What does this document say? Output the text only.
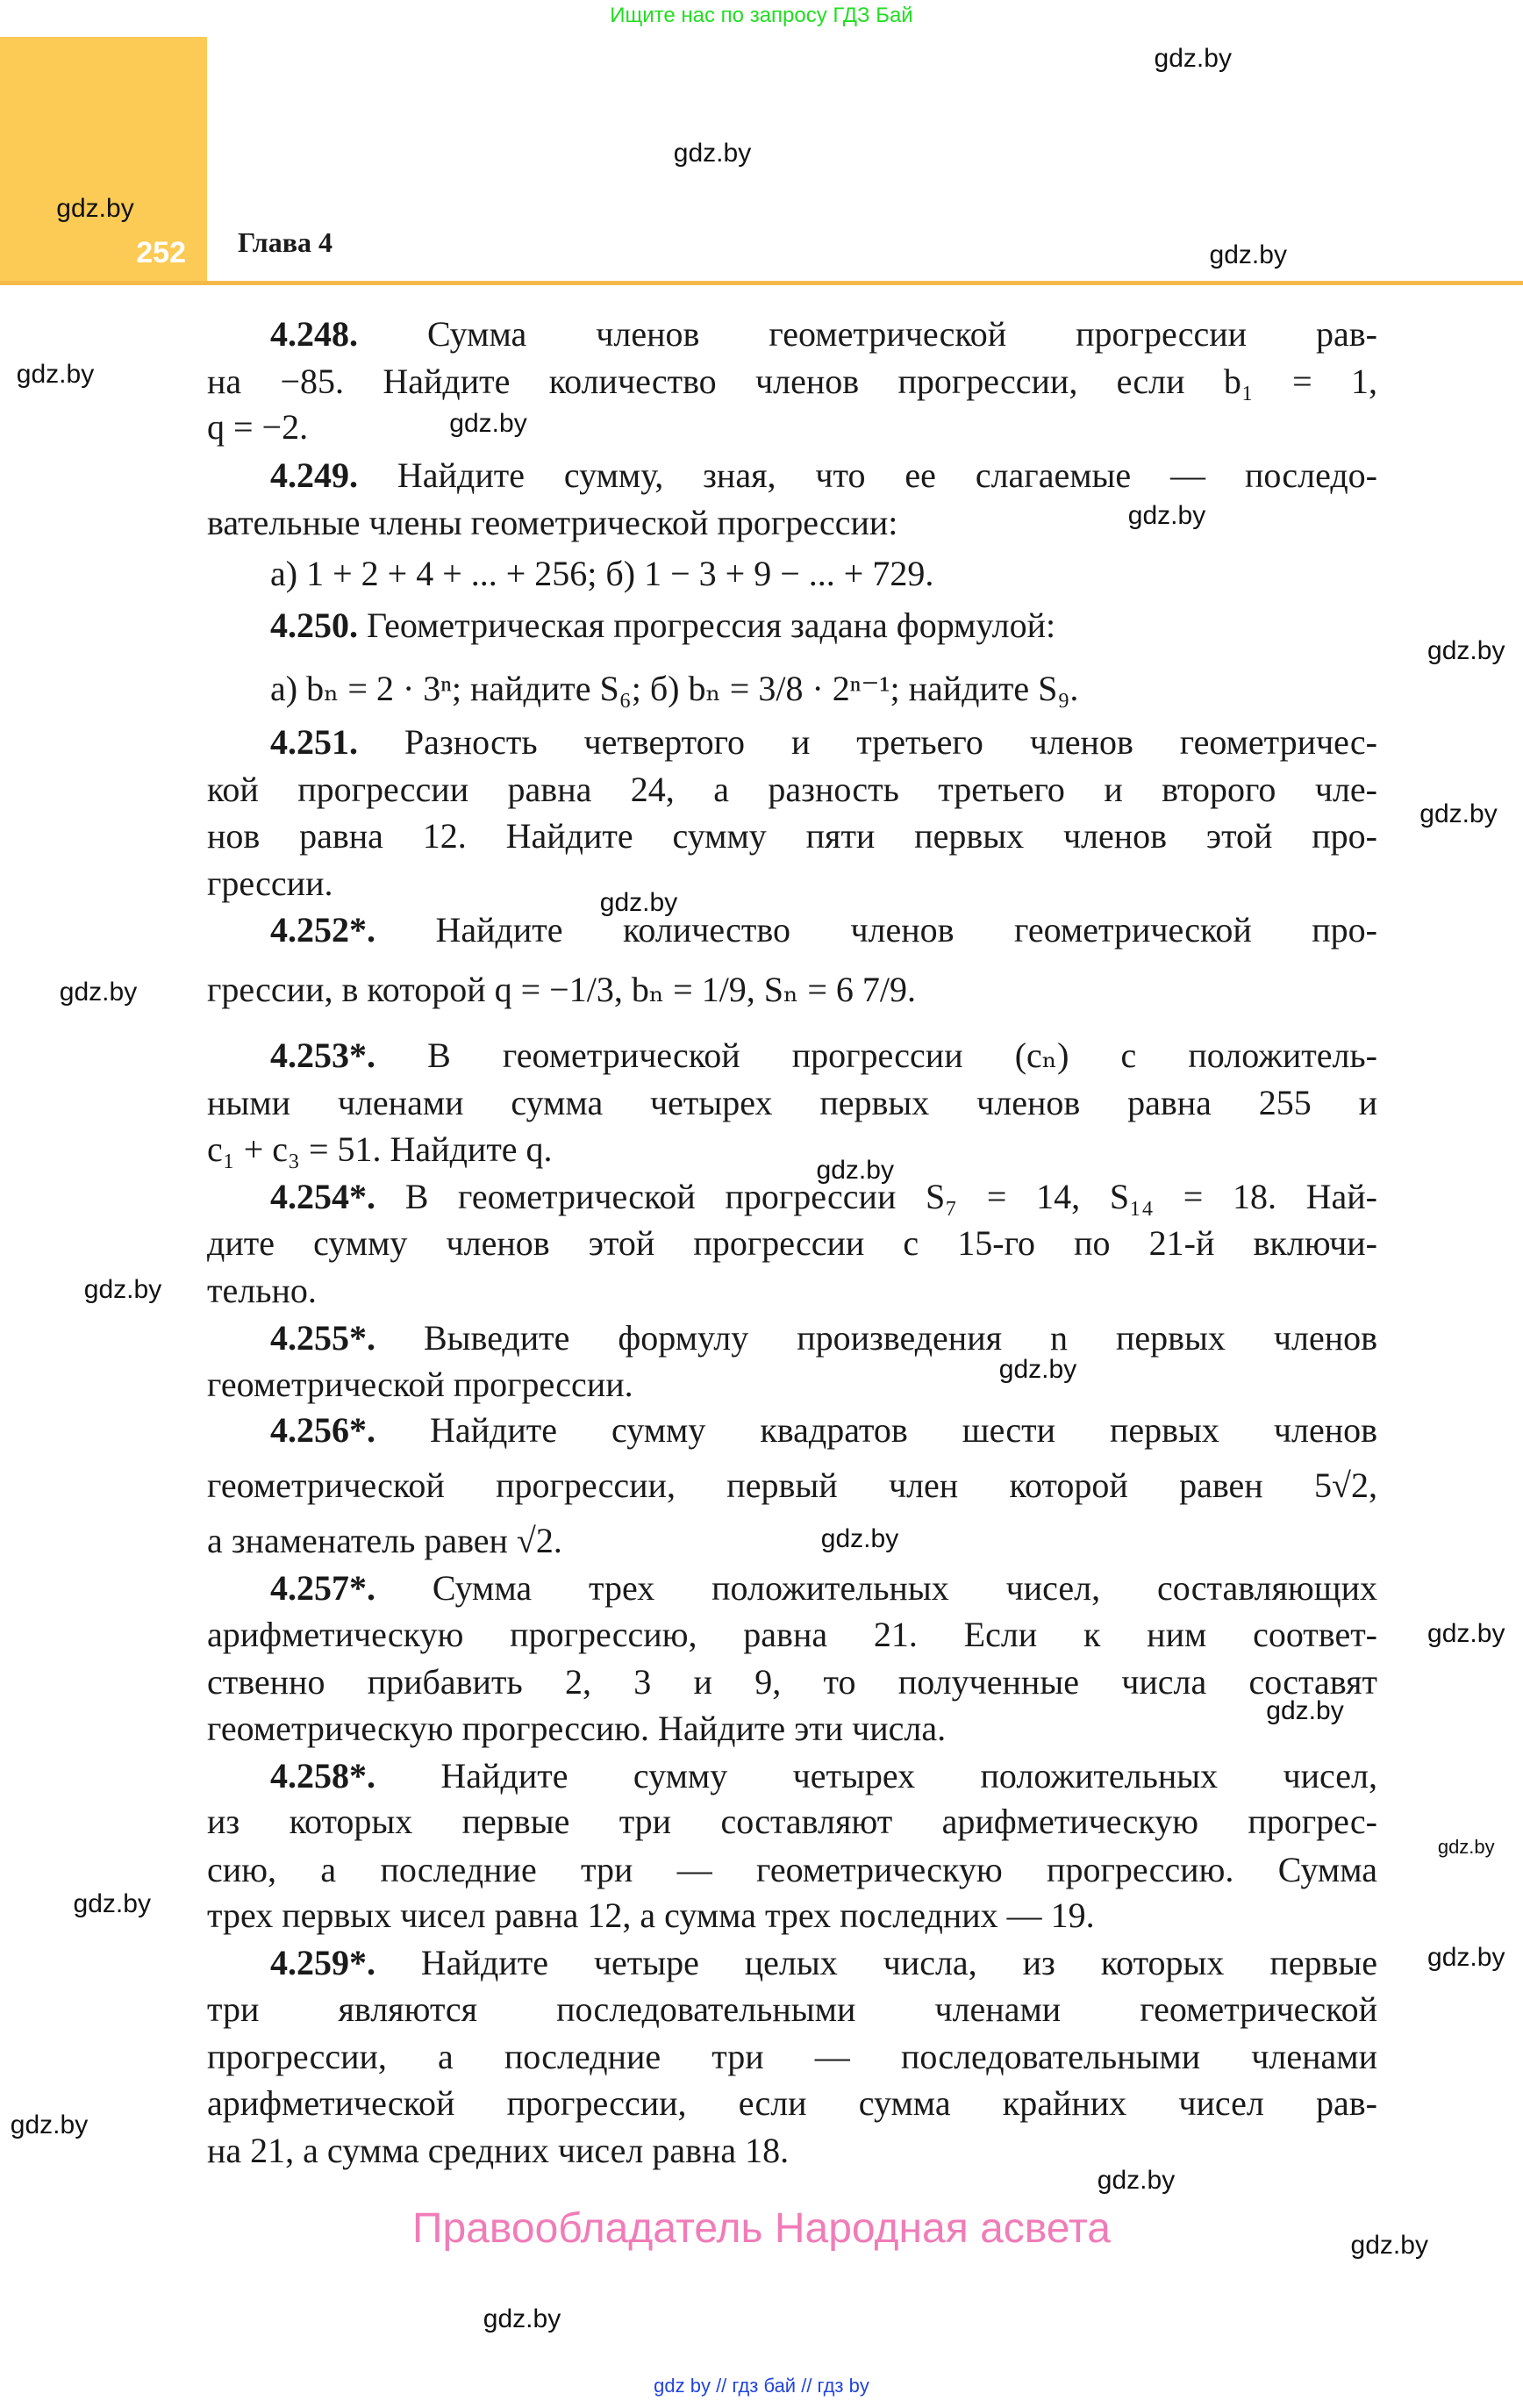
Ищите нас по запросу ГДЗ Бай
252 Глава 4
4.248. Сумма членов геометрической прогрессии рав-
на −85. Найдите количество членов прогрессии, если b₁ = 1,
q = −2.
4.249. Найдите сумму, зная, что ее слагаемые — последо-
вательные члены геометрической прогрессии:
а) 1 + 2 + 4 + ... + 256; б) 1 − 3 + 9 − ... + 729.
4.250. Геометрическая прогрессия задана формулой:
а) bₙ = 2 · 3ⁿ; найдите S₆; б) bₙ = 3/8 · 2ⁿ⁻¹; найдите S₉.
4.251. Разность четвертого и третьего членов геометричес-
кой прогрессии равна 24, а разность третьего и второго чле-
нов равна 12. Найдите сумму пяти первых членов этой про-
грессии.
4.252*. Найдите количество членов геометрической про-
грессии, в которой q = −1/3, bₙ = 1/9, Sₙ = 6 7/9.
4.253*. В геометрической прогрессии (cₙ) с положитель-
ными членами сумма четырех первых членов равна 255 и
c₁ + c₃ = 51. Найдите q.
4.254*. В геометрической прогрессии S₇ = 14, S₁₄ = 18. Най-
дите сумму членов этой прогрессии с 15-го по 21-й включи-
тельно.
4.255*. Выведите формулу произведения n первых членов
геометрической прогрессии.
4.256*. Найдите сумму квадратов шести первых членов
геометрической прогрессии, первый член которой равен 5√2,
а знаменатель равен √2.
4.257*. Сумма трех положительных чисел, составляющих
арифметическую прогрессию, равна 21. Если к ним соответ-
ственно прибавить 2, 3 и 9, то полученные числа составят
геометрическую прогрессию. Найдите эти числа.
4.258*. Найдите сумму четырех положительных чисел,
из которых первые три составляют арифметическую прогрес-
сию, а последние три — геометрическую прогрессию. Сумма
трех первых чисел равна 12, а сумма трех последних — 19.
4.259*. Найдите четыре целых числа, из которых первые
три являются последовательными членами геометрической
прогрессии, а последние три — последовательными членами
арифметической прогрессии, если сумма крайних чисел рав-
на 21, а сумма средних чисел равна 18.
gdz.by
gdz.by
gdz.by
gdz.by
gdz.by
gdz.by
gdz.by
gdz.by
gdz.by
gdz.by
gdz.by
gdz.by
gdz.by
gdz.by
gdz.by
gdz.by
gdz.by
gdz.by
gdz.by
gdz.by
gdz.by
gdz.by
gdz.by
gdz.by
Правообладатель Народная асвета
gdz by // гдз бай // гдз by
